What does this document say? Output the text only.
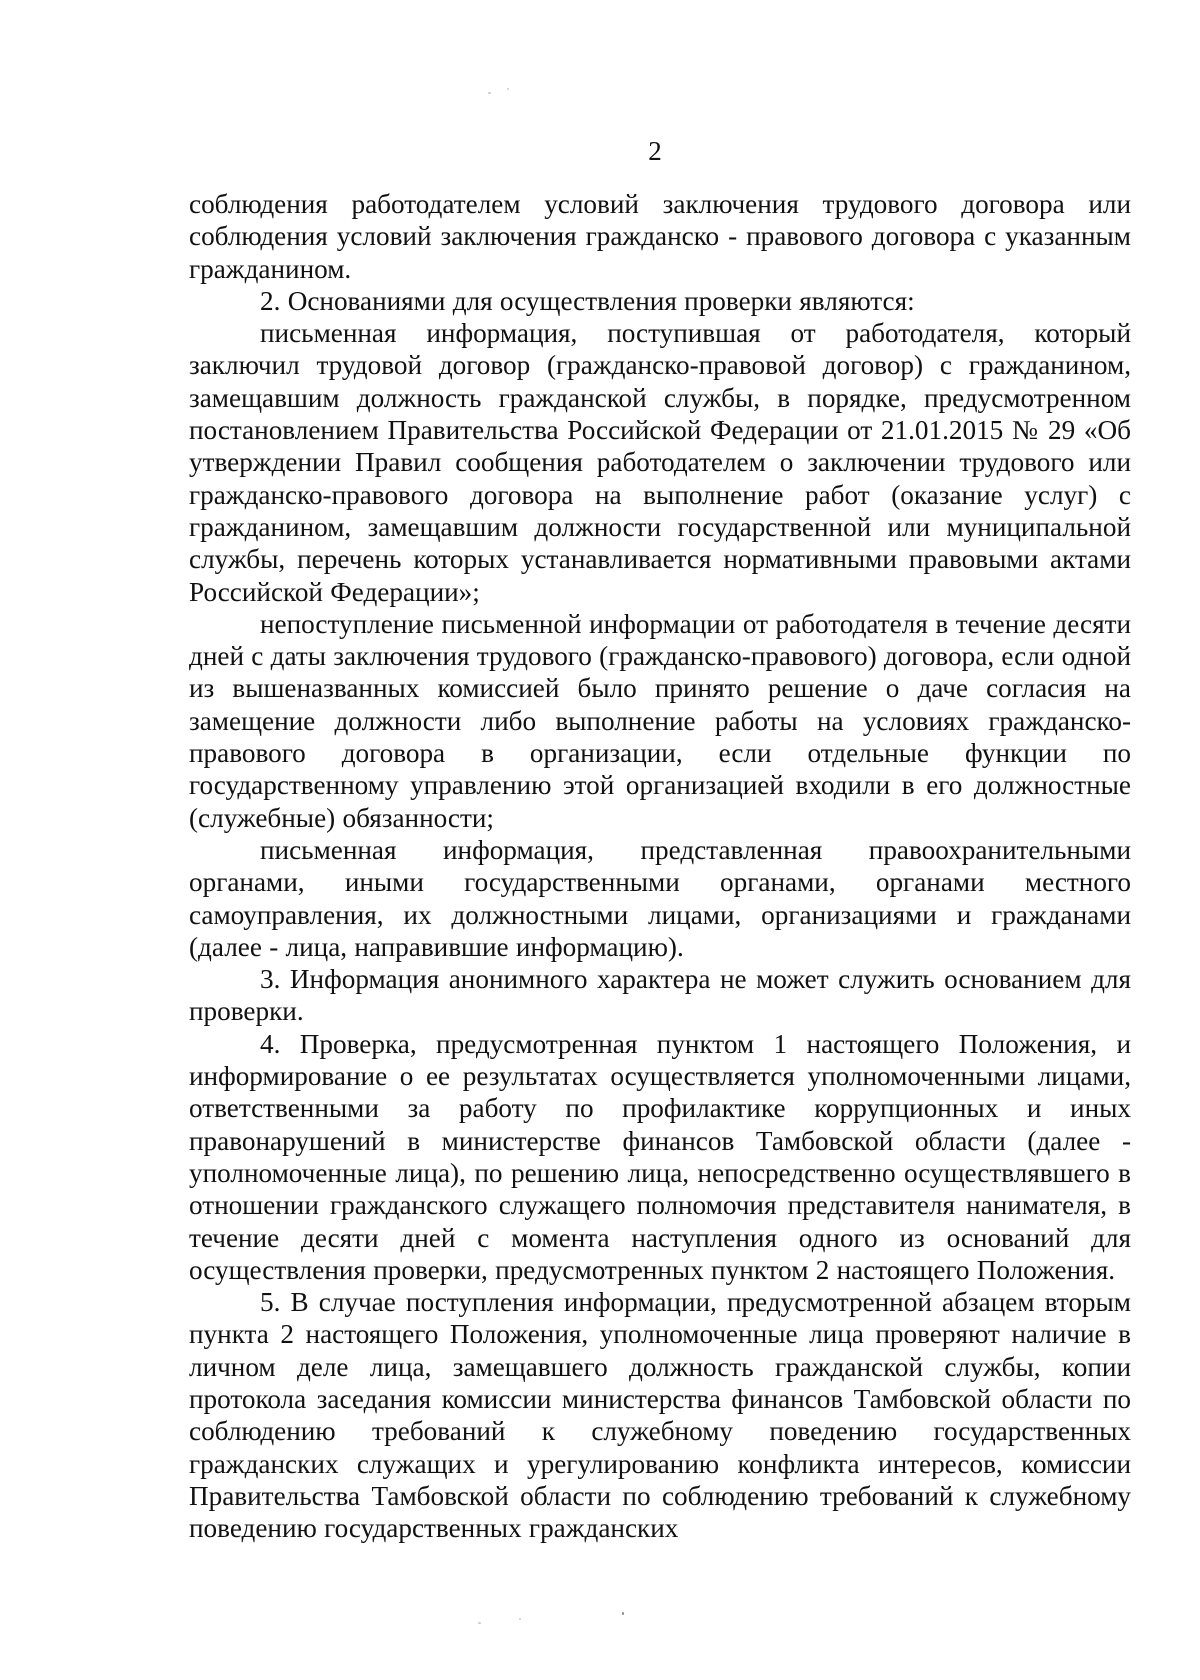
2

соблюдения работодателем условий заключения трудового договора или соблюдения условий заключения гражданско - правового договора с указанным гражданином.

2. Основаниями для осуществления проверки являются:

письменная информация, поступившая от работодателя, который заключил трудовой договор (гражданско-правовой договор) с гражданином, замещавшим должность гражданской службы, в порядке, предусмотренном постановлением Правительства Российской Федерации от 21.01.2015 № 29 «Об утверждении Правил сообщения работодателем о заключении трудового или гражданско-правового договора на выполнение работ (оказание услуг) с гражданином, замещавшим должности государственной или муниципальной службы, перечень которых устанавливается нормативными правовыми актами Российской Федерации»;

непоступление письменной информации от работодателя в течение десяти дней с даты заключения трудового (гражданско-правового) договора, если одной из вышеназванных комиссией было принято решение о даче согласия на замещение должности либо выполнение работы на условиях гражданско-правового договора в организации, если отдельные функции по государственному управлению этой организацией входили в его должностные (служебные) обязанности;

письменная информация, представленная правоохранительными органами, иными государственными органами, органами местного самоуправления, их должностными лицами, организациями и гражданами (далее - лица, направившие информацию).

3. Информация анонимного характера не может служить основанием для проверки.

4. Проверка, предусмотренная пунктом 1 настоящего Положения, и информирование о ее результатах осуществляется уполномоченными лицами, ответственными за работу по профилактике коррупционных и иных правонарушений в министерстве финансов Тамбовской области (далее - уполномоченные лица), по решению лица, непосредственно осуществлявшего в отношении гражданского служащего полномочия представителя нанимателя, в течение десяти дней с момента наступления одного из оснований для осуществления проверки, предусмотренных пунктом 2 настоящего Положения.

5. В случае поступления информации, предусмотренной абзацем вторым пункта 2 настоящего Положения, уполномоченные лица проверяют наличие в личном деле лица, замещавшего должность гражданской службы, копии протокола заседания комиссии министерства финансов Тамбовской области по соблюдению требований к служебному поведению государственных гражданских служащих и урегулированию конфликта интересов, комиссии Правительства Тамбовской области по соблюдению требований к служебному поведению государственных гражданских
